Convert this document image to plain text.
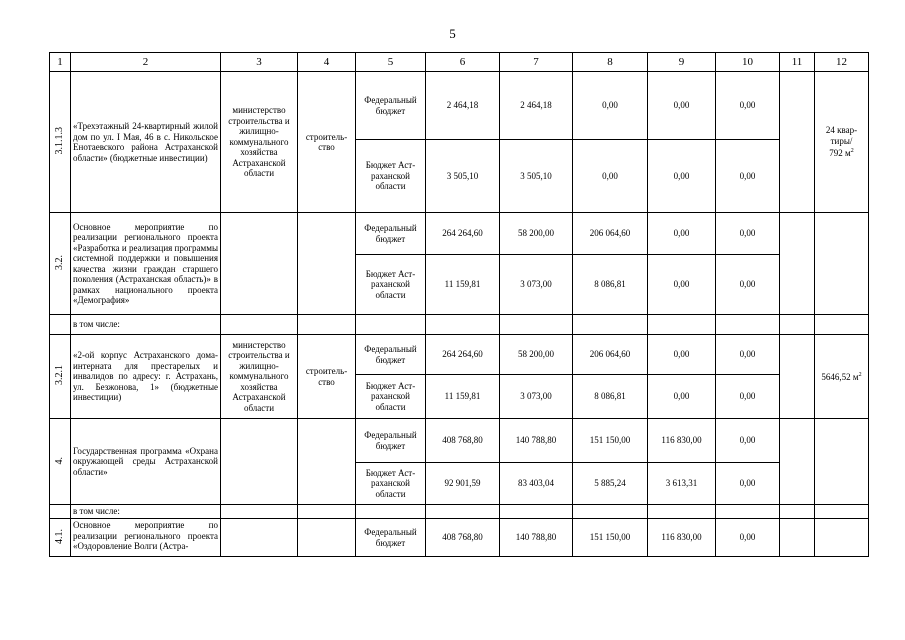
5
1	2	3	4	5	6	7	8	9	10	11	12
3.1.1.3	«Трехэтажный 24-квартирный жилой дом по ул. I Мая, 46 в с. Никольское Енотаевского района Астраханской области» (бюджетные инвестиции)	министерство строительства и жилищно-коммунального хозяйства Астраханской области	строитель-ство	Федеральный бюджет	2 464,18	2 464,18	0,00	0,00	0,00		24 квар-тиры/
792 $м^2$
				Бюджет Аст-раханской области	3 505,10	3 505,10	0,00	0,00	0,00		
3.2.	Основное мероприятие по реализации регионального проекта «Разработка и реализация программы системной поддержки и повышения качества жизни граждан старшего поколения (Астраханская область)» в рамках национального проекта «Демография»			Федеральный бюджет	264 264,60	58 200,00	206 064,60	0,00	0,00		
				Бюджет Аст-раханской области	11 159,81	3 073,00	8 086,81	0,00	0,00		
	в том числе:										
3.2.1	«2-ой корпус Астраханского дома-интерната для престарелых и инвалидов по адресу: г. Астрахань, ул. Безжонова, 1» (бюджетные инвестиции)	министерство строительства и жилищно-коммунального хозяйства Астраханской области	строитель-ство	Федеральный бюджет	264 264,60	58 200,00	206 064,60	0,00	0,00		5646,52 $м^2$
				Бюджет Аст-раханской области	11 159,81	3 073,00	8 086,81	0,00	0,00		
4.	Государственная программа «Охрана окружающей среды Астраханской области»			Федеральный бюджет	408 768,80	140 788,80	151 150,00	116 830,00	0,00		
				Бюджет Аст-раханской области	92 901,59	83 403,04	5 885,24	3 613,31	0,00		
	в том числе:										
4.1.	Основное мероприятие по реализации регионального проекта «Оздоровление Волги (Астра-			Федеральный бюджет	408 768,80	140 788,80	151 150,00	116 830,00	0,00		
